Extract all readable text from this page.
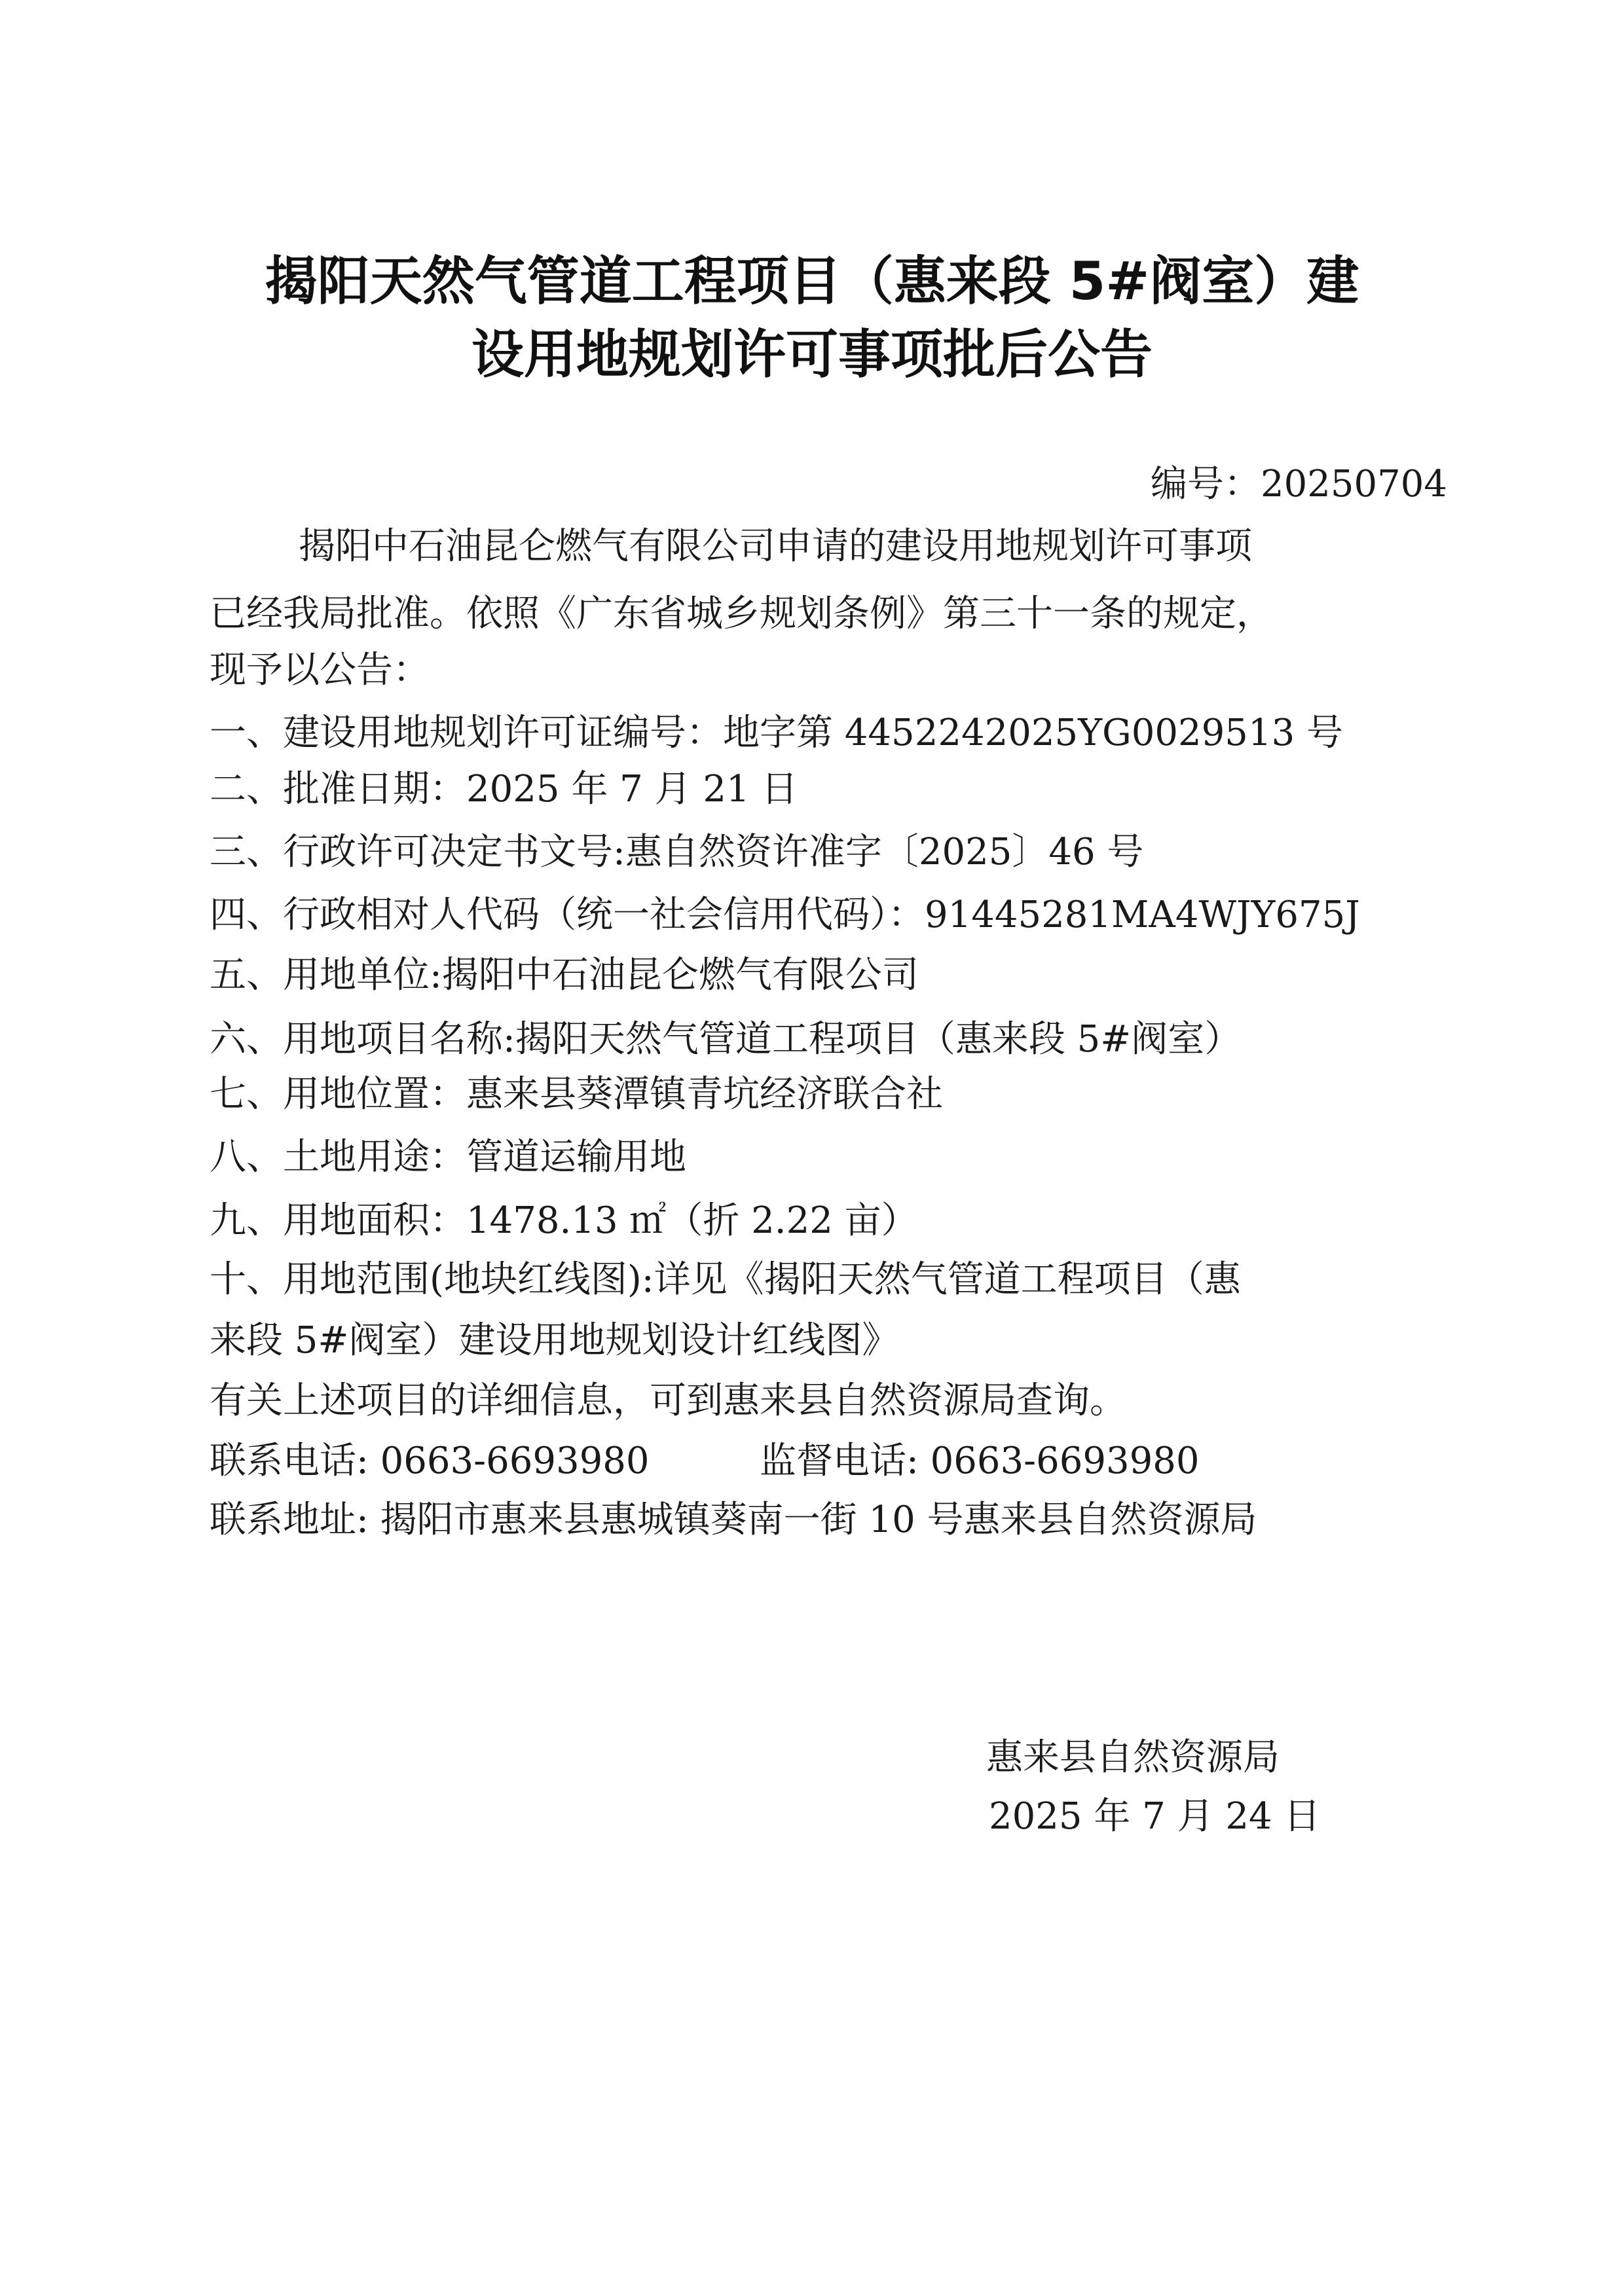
揭阳天然气管道工程项目（惠来段 5#阀室）建
设用地规划许可事项批后公告
编号：20250704
揭阳中石油昆仑燃气有限公司申请的建设用地规划许可事项
已经我局批准。依照《广东省城乡规划条例》第三十一条的规定，
现予以公告：
一、建设用地规划许可证编号：地字第 4452242025YG0029513 号
二、批准日期：2025 年 7 月 21 日
三、行政许可决定书文号:惠自然资许准字〔2025〕46 号
四、行政相对人代码（统一社会信用代码）：91445281MA4WJY675J
五、用地单位:揭阳中石油昆仑燃气有限公司
六、用地项目名称:揭阳天然气管道工程项目（惠来段 5#阀室）
七、用地位置：惠来县葵潭镇青坑经济联合社
八、土地用途：管道运输用地
九、用地面积：1478.13 ㎡（折 2.22 亩）
十、用地范围(地块红线图):详见《揭阳天然气管道工程项目（惠
来段 5#阀室）建设用地规划设计红线图》
有关上述项目的详细信息，可到惠来县自然资源局查询。
联系电话: 0663-6693980	监督电话: 0663-6693980
联系地址: 揭阳市惠来县惠城镇葵南一街 10 号惠来县自然资源局
惠来县自然资源局
2025 年 7 月 24 日
